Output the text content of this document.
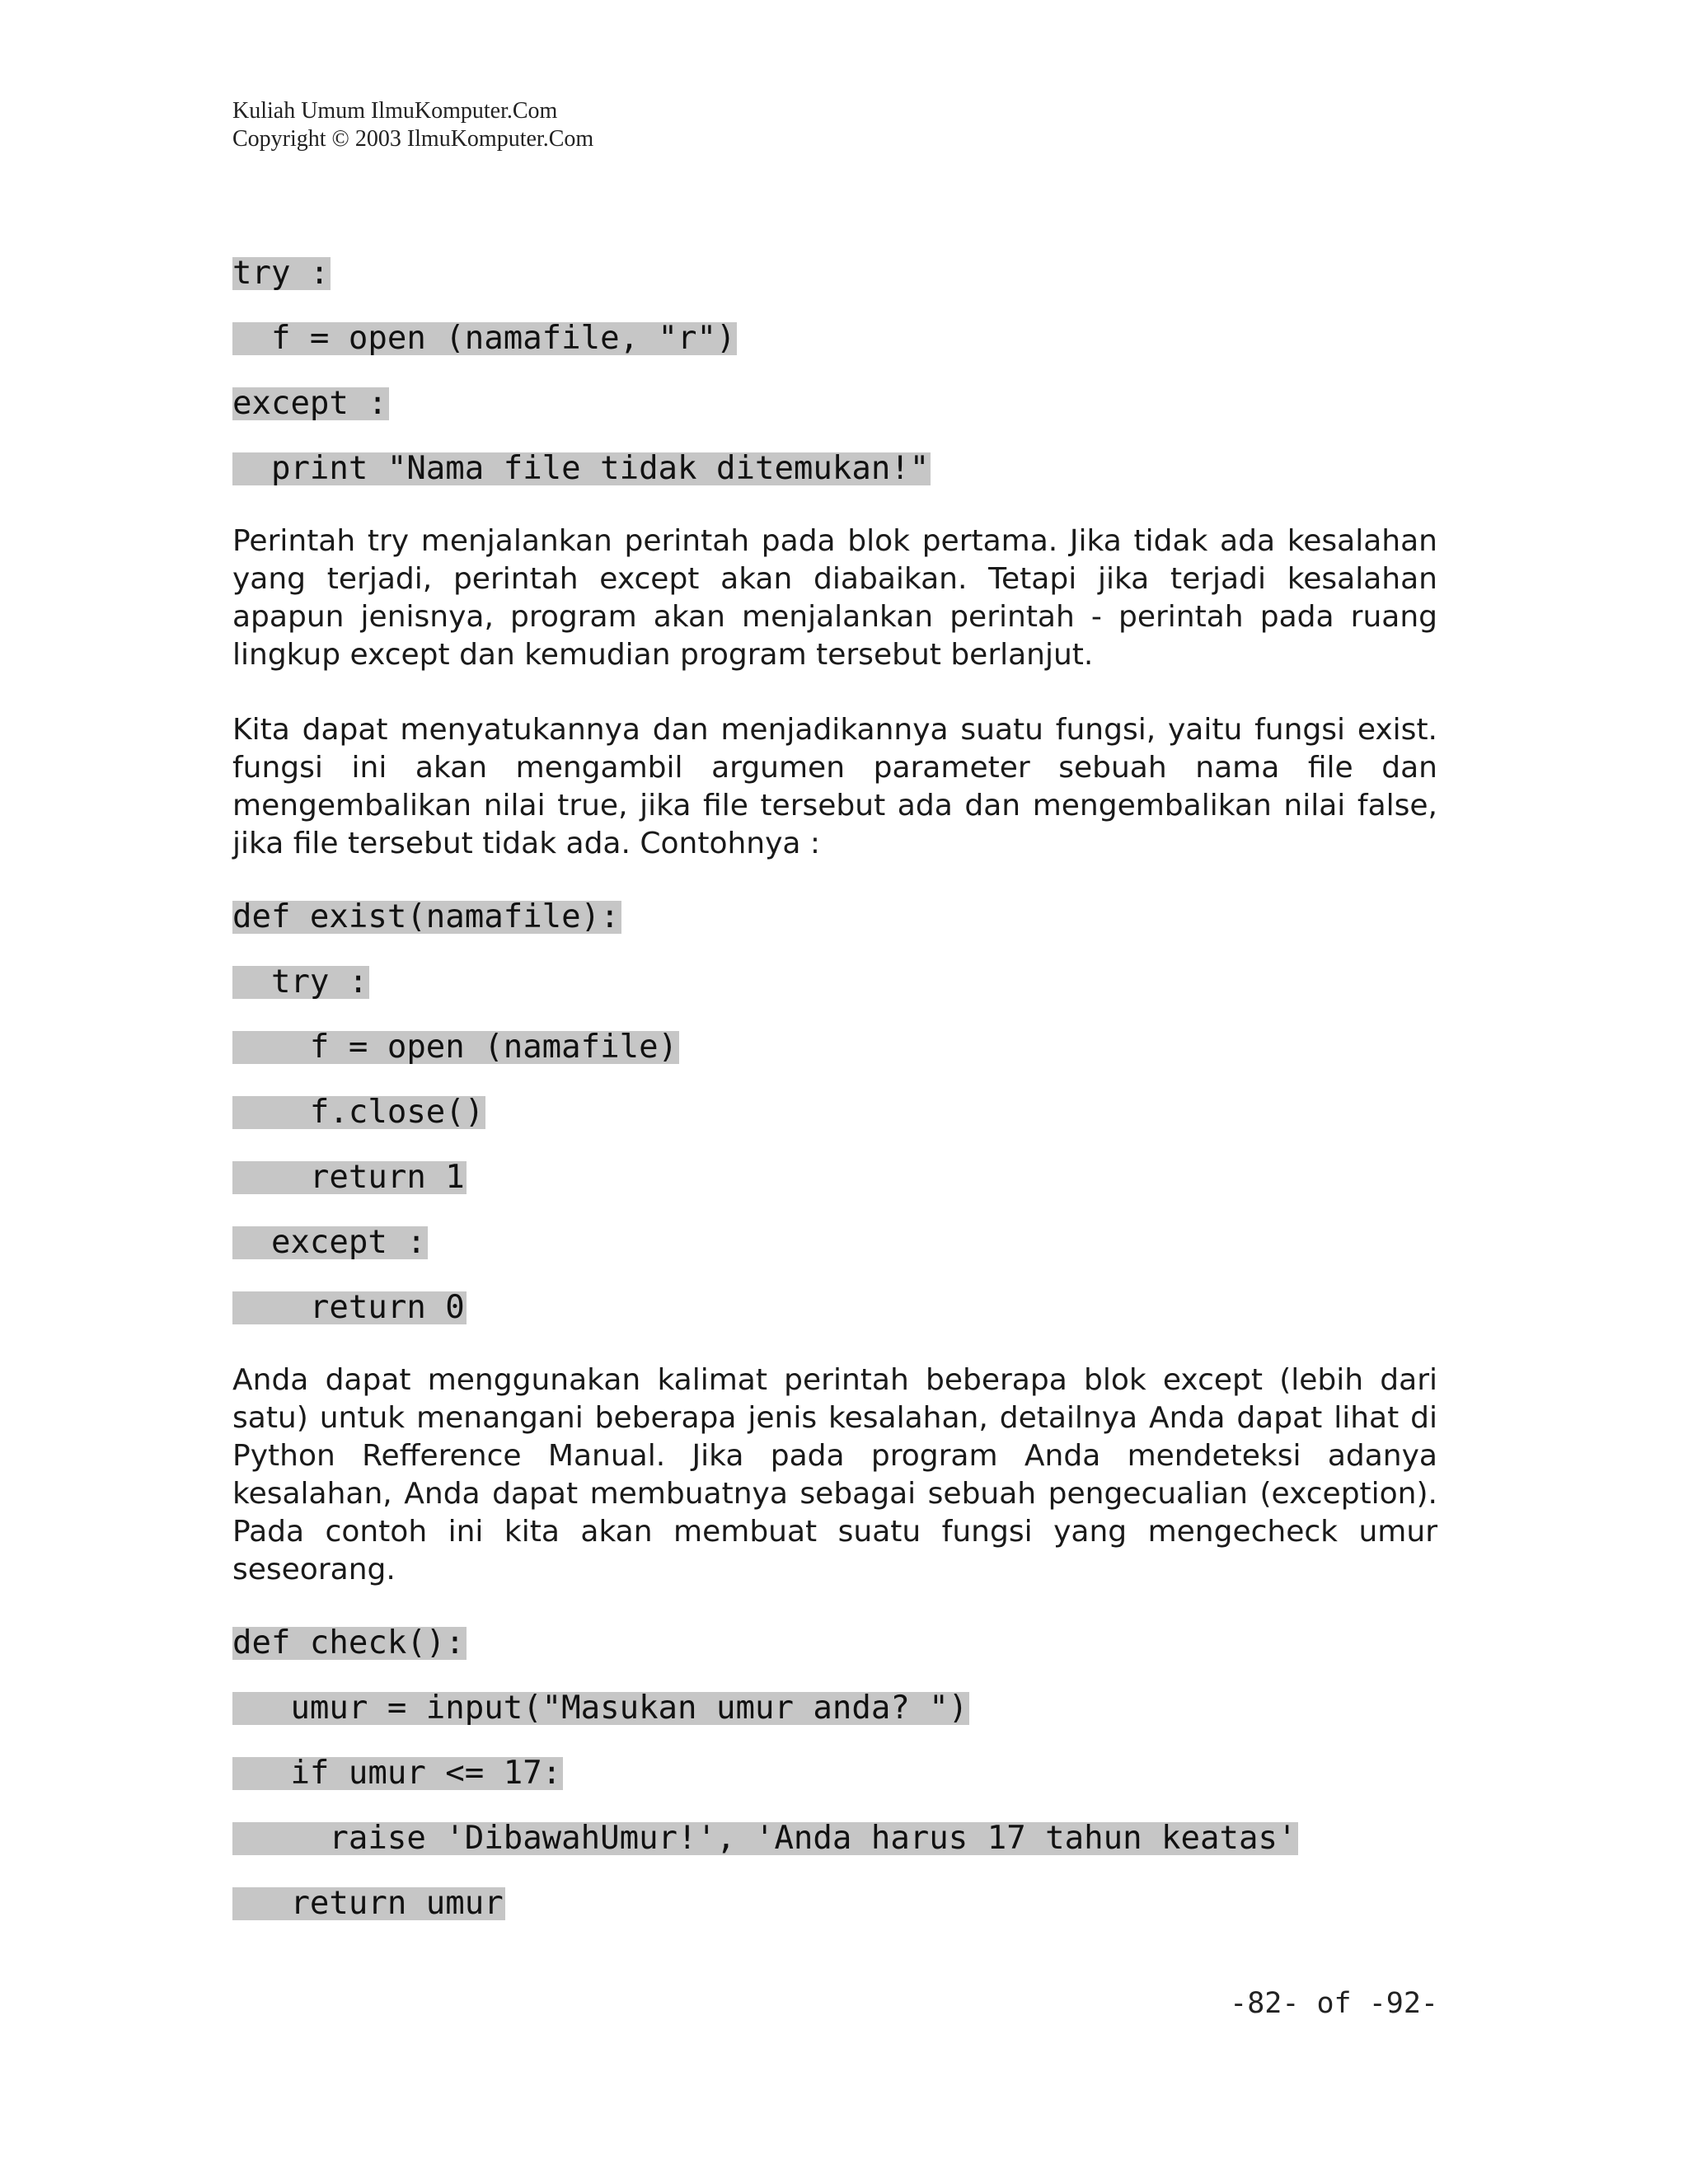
Kuliah Umum IlmuKomputer.Com
Copyright © 2003 IlmuKomputer.Com
try :
f = open (namafile, "r")
except :
print "Nama file tidak ditemukan!"

Perintah try menjalankan perintah pada blok pertama. Jika tidak ada kesalahan yang terjadi, perintah except akan diabaikan. Tetapi jika terjadi kesalahan apapun jenisnya, program akan menjalankan perintah - perintah pada ruang lingkup except dan kemudian program tersebut berlanjut.

Kita dapat menyatukannya dan menjadikannya suatu fungsi, yaitu fungsi exist. fungsi ini akan mengambil argumen parameter sebuah nama file dan mengembalikan nilai true, jika file tersebut ada dan mengembalikan nilai false, jika file tersebut tidak ada. Contohnya :

def exist(namafile):
try :
f = open (namafile)
f.close()
return 1
except :
return 0

Anda dapat menggunakan kalimat perintah beberapa blok except (lebih dari satu) untuk menangani beberapa jenis kesalahan, detailnya Anda dapat lihat di Python Refference Manual. Jika pada program Anda mendeteksi adanya kesalahan, Anda dapat membuatnya sebagai sebuah pengecualian (exception). Pada contoh ini kita akan membuat suatu fungsi yang mengecheck umur seseorang.

def check():
umur = input("Masukan umur anda? ")
if umur <= 17:
raise 'DibawahUmur!', 'Anda harus 17 tahun keatas'
return umur
-82- of -92-
